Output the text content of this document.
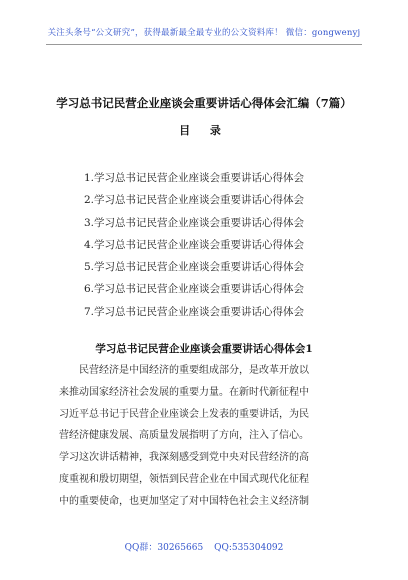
关注头条号“公文研究”，获得最新最全最专业的公文资料库！ 微信：gongwenyj
学习总书记民营企业座谈会重要讲话心得体会汇编（7篇）
目 录
1.学习总书记民营企业座谈会重要讲话心得体会
2.学习总书记民营企业座谈会重要讲话心得体会
3.学习总书记民营企业座谈会重要讲话心得体会
4.学习总书记民营企业座谈会重要讲话心得体会
5.学习总书记民营企业座谈会重要讲话心得体会
6.学习总书记民营企业座谈会重要讲话心得体会
7.学习总书记民营企业座谈会重要讲话心得体会
学习总书记民营企业座谈会重要讲话心得体会1
　　民营经济是中国经济的重要组成部分，是改革开放以
来推动国家经济社会发展的重要力量。在新时代新征程中
习近平总书记于民营企业座谈会上发表的重要讲话，为民
营经济健康发展、高质量发展指明了方向，注入了信心。
学习这次讲话精神，我深刻感受到党中央对民营经济的高
度重视和殷切期望，领悟到民营企业在中国式现代化征程
中的重要使命，也更加坚定了对中国特色社会主义经济制
QQ群：30265665 QQ:535304092
